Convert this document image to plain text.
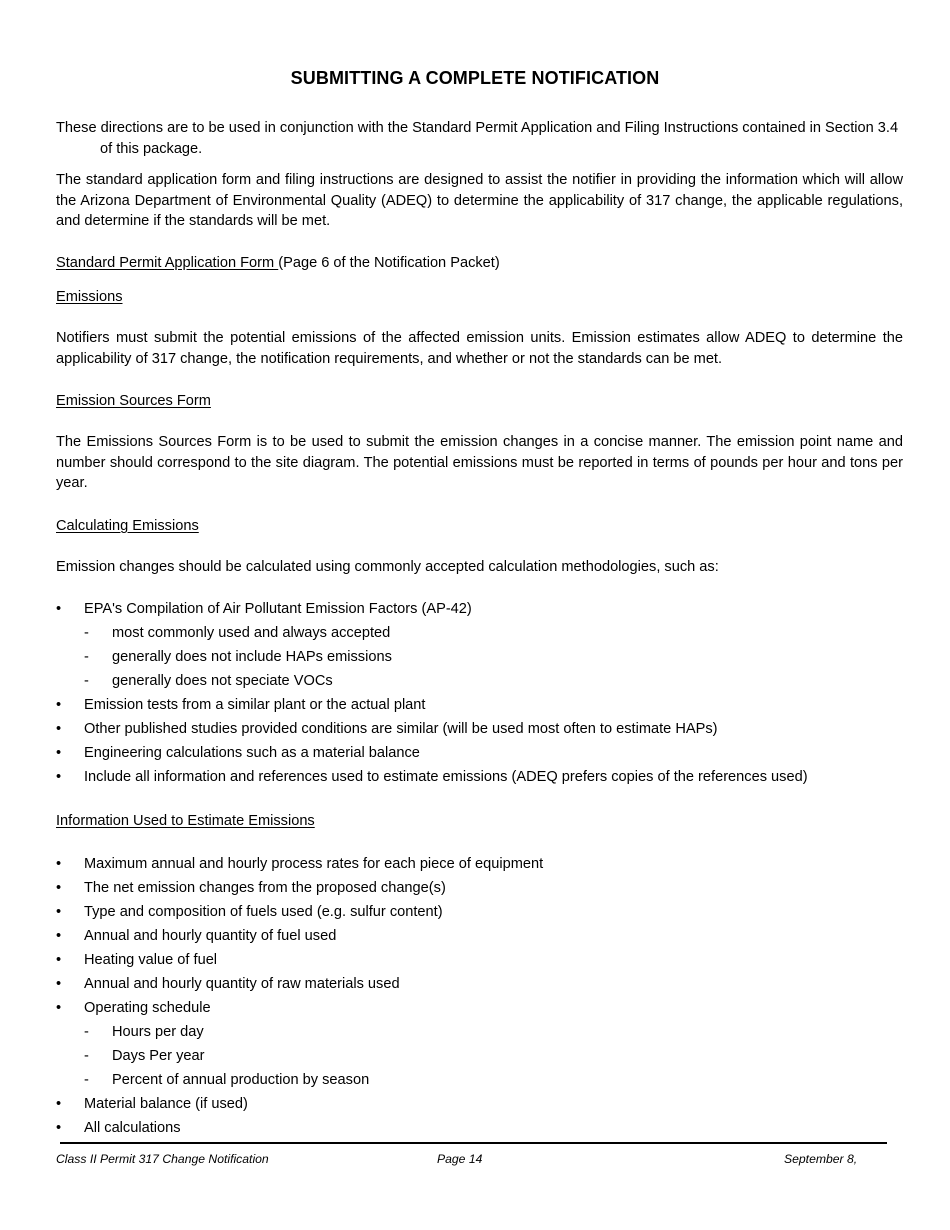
SUBMITTING A COMPLETE NOTIFICATION

These directions are to be used in conjunction with the Standard Permit Application and Filing Instructions contained in Section 3.4of this package.

The standard application form and filing instructions are designed to assist the notifier in providing the information which will allow the Arizona Department of Environmental Quality (ADEQ) to determine the applicability of 317 change, the applicable regulations, and determine if the standards will be met.

Standard Permit Application Form (Page 6 of the Notification Packet)

Emissions

Notifiers must submit the potential emissions of the affected emission units. Emission estimates allow ADEQ to determine the applicability of 317 change, the notification requirements, and whether or not the standards can be met.

Emission Sources Form

The Emissions Sources Form is to be used to submit the emission changes in a concise manner. The emission point name and number should correspond to the site diagram. The potential emissions must be reported in terms of pounds per hour and tons per year.

Calculating Emissions

Emission changes should be calculated using commonly accepted calculation methodologies, such as:

• EPA's Compilation of Air Pollutant Emission Factors (AP-42)
- most commonly used and always accepted
- generally does not include HAPs emissions
- generally does not speciate VOCs
• Emission tests from a similar plant or the actual plant
• Other published studies provided conditions are similar (will be used most often to estimate HAPs)
• Engineering calculations such as a material balance
• Include all information and references used to estimate emissions (ADEQ prefers copies of the references used)

Information Used to Estimate Emissions

• Maximum annual and hourly process rates for each piece of equipment
• The net emission changes from the proposed change(s)
• Type and composition of fuels used (e.g. sulfur content)
• Annual and hourly quantity of fuel used
• Heating value of fuel
• Annual and hourly quantity of raw materials used
• Operating schedule
- Hours per day
- Days Per year
- Percent of annual production by season
• Material balance (if used)
• All calculations
Class II Permit 317 Change Notification	Page 14	September 8,
